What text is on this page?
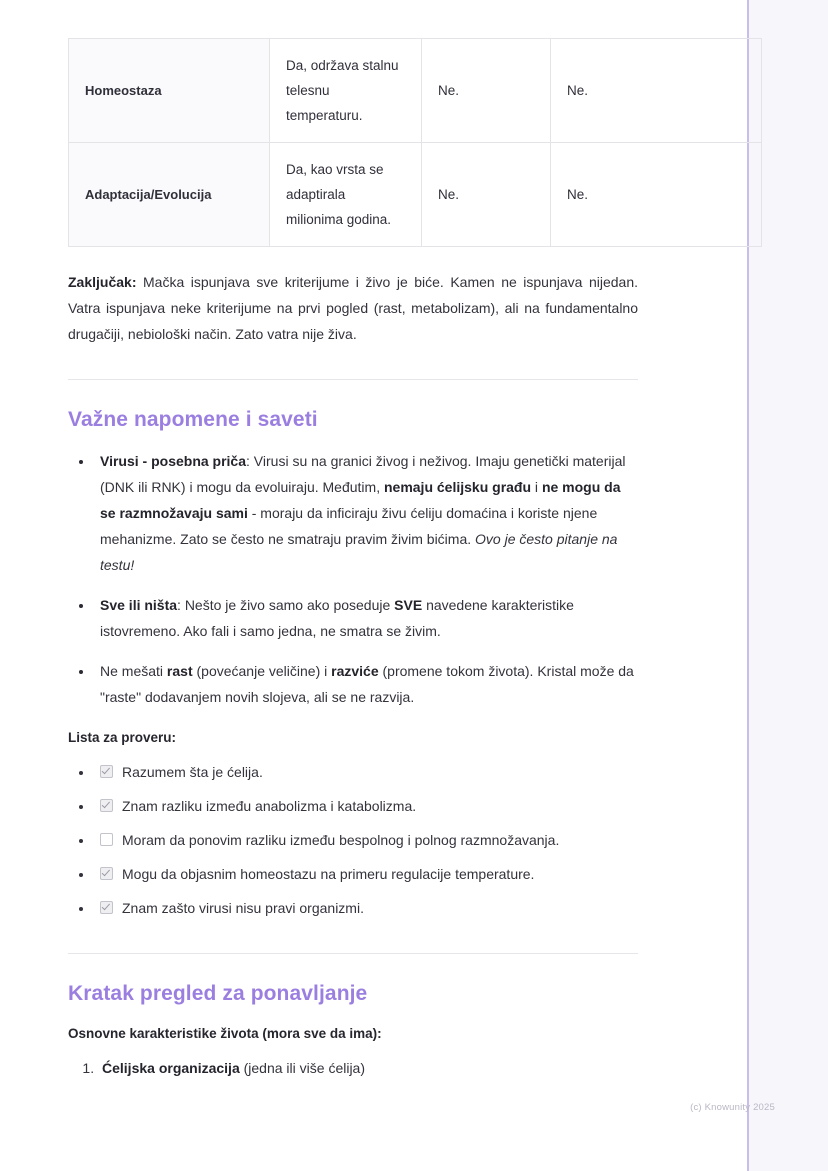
(c) Knowunity 2025
Homeostaza	Da, održava stalnu telesnu temperaturu.	Ne.	Ne.
Adaptacija/Evolucija	Da, kao vrsta se adaptirala milionima godina.	Ne.	Ne.

Zaključak: Mačka ispunjava sve kriterijume i živo je biće. Kamen ne ispunjava nijedan. Vatra ispunjava neke kriterijume na prvi pogled (rast, metabolizam), ali na fundamentalno drugačiji, nebiološki način. Zato vatra nije živa.

Važne napomene i saveti
• Virusi - posebna priča: Virusi su na granici živog i neživog. Imaju genetički materijal (DNK ili RNK) i mogu da evoluiraju. Međutim, nemaju ćelijsku građu i ne mogu da se razmnožavaju sami - moraju da inficiraju živu ćeliju domaćina i koriste njene mehanizme. Zato se često ne smatraju pravim živim bićima. Ovo je često pitanje na testu!
• Sve ili ništa: Nešto je živo samo ako poseduje SVE navedene karakteristike istovremeno. Ako fali i samo jedna, ne smatra se živim.
• Ne mešati rast (povećanje veličine) i razviće (promene tokom života). Kristal može da "raste" dodavanjem novih slojeva, ali se ne razvija.

Lista za proveru:

• Razumem šta je ćelija.
• Znam razliku između anabolizma i katabolizma.
• Moram da ponovim razliku između bespolnog i polnog razmnožavanja.
• Mogu da objasnim homeostazu na primeru regulacije temperature.
• Znam zašto virusi nisu pravi organizmi.
Kratak pregled za ponavljanje

Osnovne karakteristike života (mora sve da ima):

1. Ćelijska organizacija (jedna ili više ćelija)
